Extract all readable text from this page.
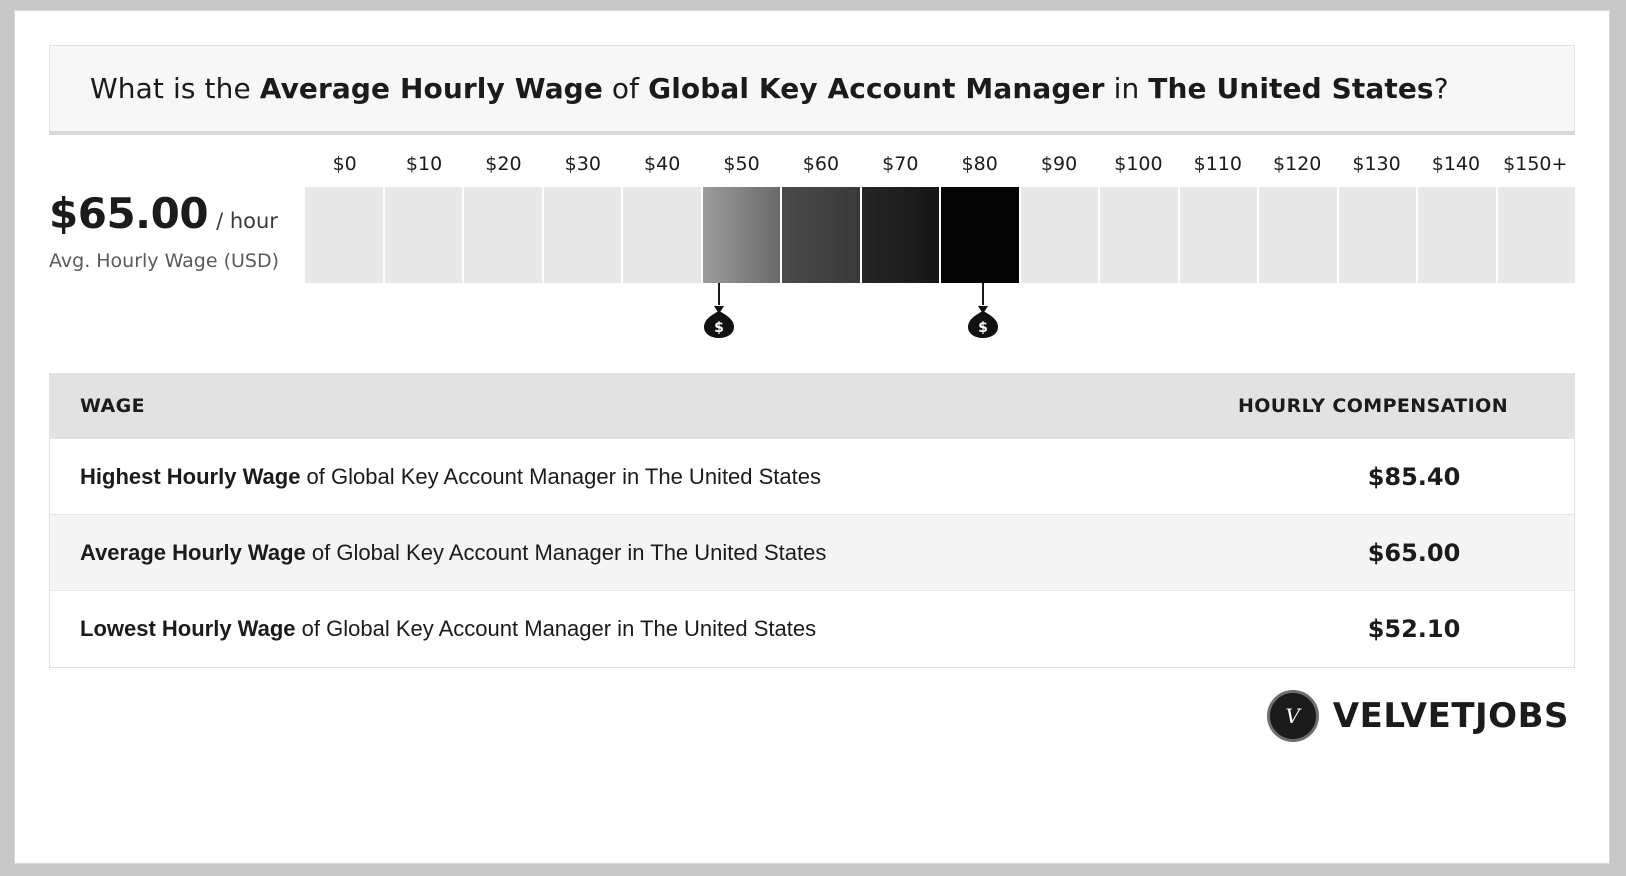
What is the Average Hourly Wage of Global Key Account Manager in The United States?
$65.00 / hour
Avg. Hourly Wage (USD)
$0	$10	$20	$30	$40	$50	$60	$70	$80	$90	$100	$110	$120	$130	$140	$150+
$	$
WAGE	HOURLY COMPENSATION
Highest Hourly Wage of Global Key Account Manager in The United States	$85.40
Average Hourly Wage of Global Key Account Manager in The United States	$65.00
Lowest Hourly Wage of Global Key Account Manager in The United States	$52.10
V VELVETJOBS
